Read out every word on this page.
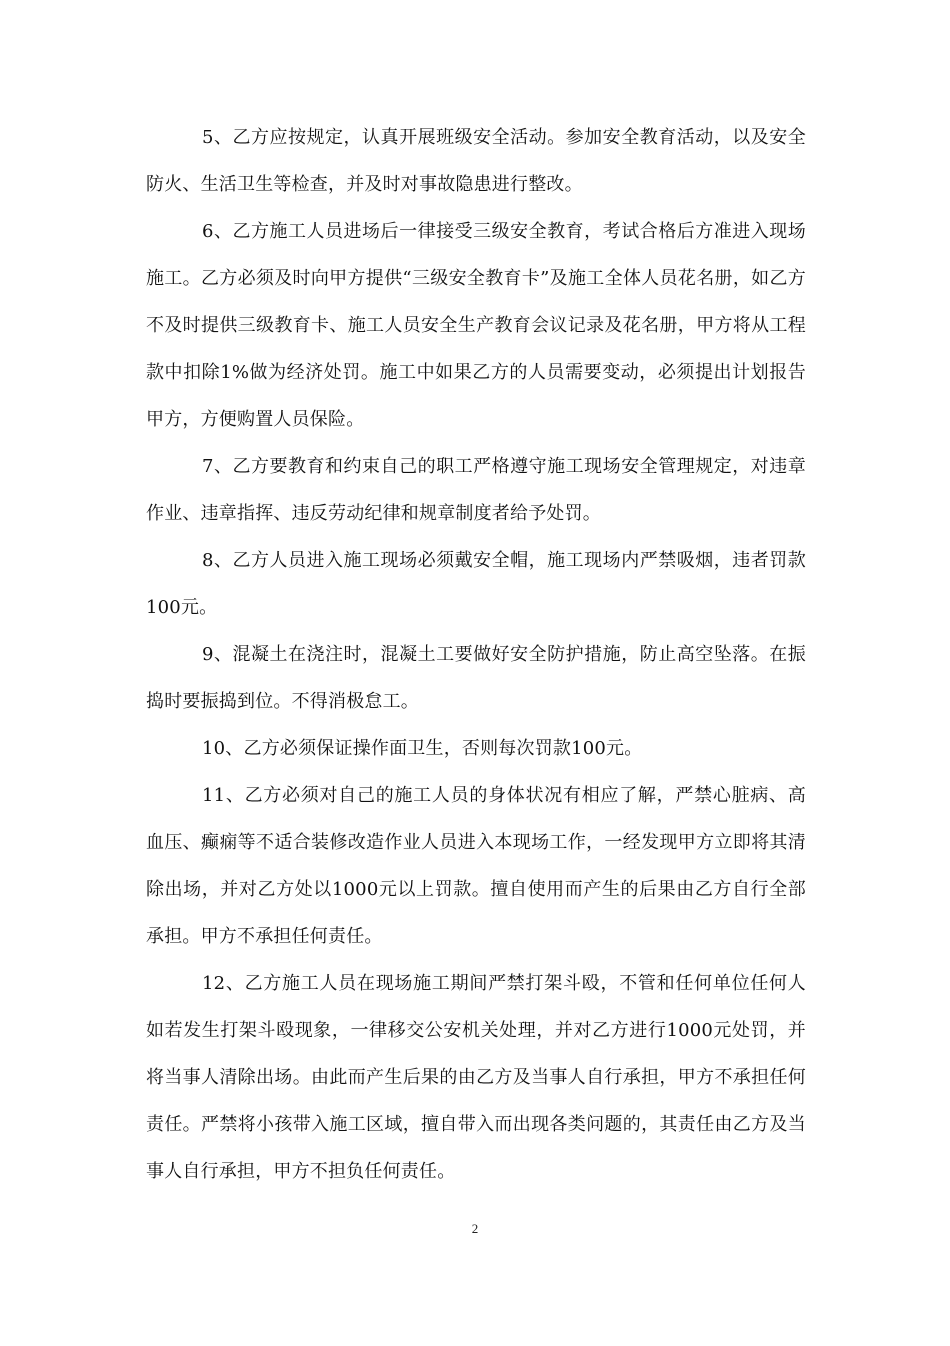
5、乙方应按规定，认真开展班级安全活动。参加安全教育活动，以及安全防火、生活卫生等检查，并及时对事故隐患进行整改。

6、乙方施工人员进场后一律接受三级安全教育，考试合格后方准进入现场施工。乙方必须及时向甲方提供“三级安全教育卡”及施工全体人员花名册，如乙方不及时提供三级教育卡、施工人员安全生产教育会议记录及花名册，甲方将从工程款中扣除1%做为经济处罚。施工中如果乙方的人员需要变动，必须提出计划报告甲方，方便购置人员保险。

7、乙方要教育和约束自己的职工严格遵守施工现场安全管理规定，对违章作业、违章指挥、违反劳动纪律和规章制度者给予处罚。

8、乙方人员进入施工现场必须戴安全帽，施工现场内严禁吸烟，违者罚款100元。

9、混凝土在浇注时，混凝土工要做好安全防护措施，防止高空坠落。在振捣时要振捣到位。不得消极怠工。

10、乙方必须保证操作面卫生，否则每次罚款100元。

11、乙方必须对自己的施工人员的身体状况有相应了解，严禁心脏病、高血压、癫痫等不适合装修改造作业人员进入本现场工作，一经发现甲方立即将其清除出场，并对乙方处以1000元以上罚款。擅自使用而产生的后果由乙方自行全部承担。甲方不承担任何责任。

12、乙方施工人员在现场施工期间严禁打架斗殴，不管和任何单位任何人如若发生打架斗殴现象，一律移交公安机关处理，并对乙方进行1000元处罚，并将当事人清除出场。由此而产生后果的由乙方及当事人自行承担，甲方不承担任何责任。严禁将小孩带入施工区域，擅自带入而出现各类问题的，其责任由乙方及当事人自行承担，甲方不担负任何责任。

2
